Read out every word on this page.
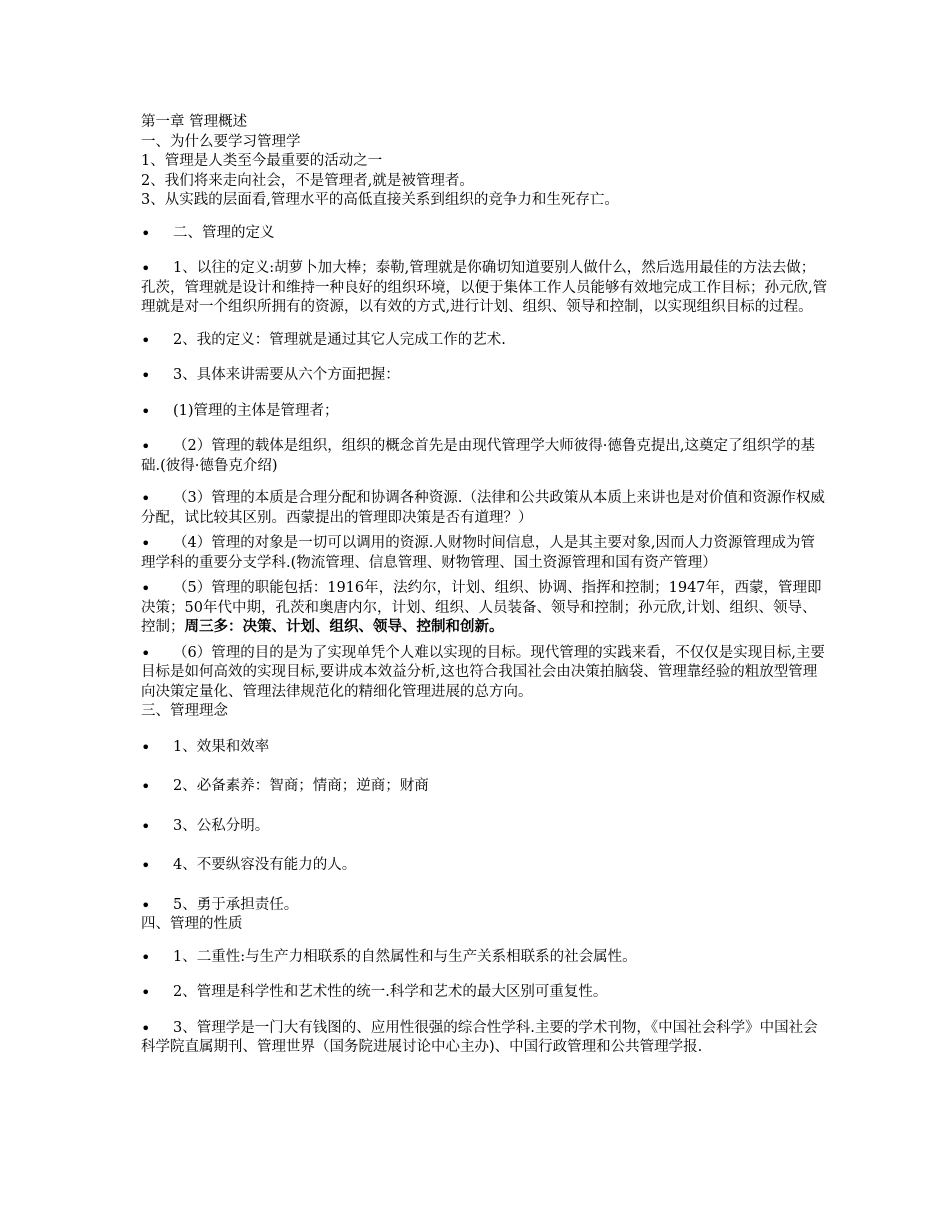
第一章 管理概述

一、为什么要学习管理学

1、管理是人类至今最重要的活动之一

2、我们将来走向社会，不是管理者,就是被管理者。

3、从实践的层面看,管理水平的高低直接关系到组织的竞争力和生死存亡。

• 二、管理的定义
• 1、以往的定义:胡萝卜加大棒；泰勒,管理就是你确切知道要别人做什么，然后选用最佳的方法去做；孔茨，管理就是设计和维持一种良好的组织环境，以便于集体工作人员能够有效地完成工作目标；孙元欣,管理就是对一个组织所拥有的资源，以有效的方式,进行计划、组织、领导和控制，以实现组织目标的过程。
• 2、我的定义：管理就是通过其它人完成工作的艺术.
• 3、具体来讲需要从六个方面把握：
• (1)管理的主体是管理者；
• （2）管理的载体是组织，组织的概念首先是由现代管理学大师彼得·德鲁克提出,这奠定了组织学的基础.(彼得·德鲁克介绍)
• （3）管理的本质是合理分配和协调各种资源.（法律和公共政策从本质上来讲也是对价值和资源作权威分配，试比较其区别。西蒙提出的管理即决策是否有道理？）
• （4）管理的对象是一切可以调用的资源.人财物时间信息，人是其主要对象,因而人力资源管理成为管理学科的重要分支学科.(物流管理、信息管理、财物管理、国土资源管理和国有资产管理）
• （5）管理的职能包括：1916年，法约尔，计划、组织、协调、指挥和控制；1947年，西蒙，管理即决策；50年代中期，孔茨和奥唐内尔，计划、组织、人员装备、领导和控制；孙元欣,计划、组织、领导、控制；周三多：决策、计划、组织、领导、控制和创新。
• （6）管理的目的是为了实现单凭个人难以实现的目标。现代管理的实践来看，不仅仅是实现目标,主要目标是如何高效的实现目标,要讲成本效益分析,这也符合我国社会由决策拍脑袋、管理靠经验的粗放型管理向决策定量化、管理法律规范化的精细化管理进展的总方向。

三、管理理念

• 1、效果和效率
• 2、必备素养：智商；情商；逆商；财商
• 3、公私分明。
• 4、不要纵容没有能力的人。
• 5、勇于承担责任。

四、管理的性质

• 1、二重性:与生产力相联系的自然属性和与生产关系相联系的社会属性。
• 2、管理是科学性和艺术性的统一.科学和艺术的最大区别可重复性。
• 3、管理学是一门大有钱图的、应用性很强的综合性学科.主要的学术刊物，《中国社会科学》中国社会科学院直属期刊、管理世界（国务院进展讨论中心主办)、中国行政管理和公共管理学报.
